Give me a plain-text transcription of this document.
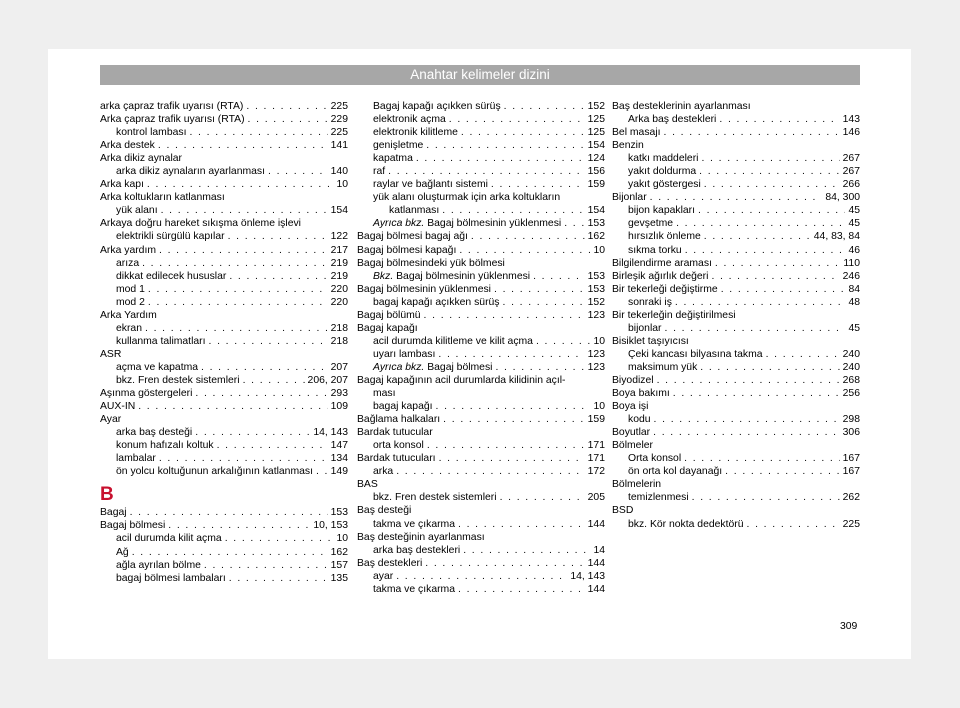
Anahtar kelimeler dizini
arka çapraz trafik uyarısı (RTA) . . .	225
Arka çapraz trafik uyarısı (RTA) . . .	229
kontrol lambası . . .	225
Arka destek . . .	141
Arka dikiz aynalar
arka dikiz aynaların ayarlanması . . .	140
Arka kapı . . .	10
Arka koltukların katlanması
yük alanı . . .	154
Arkaya doğru hareket sıkışma önleme işlevi
elektrikli sürgülü kapılar . . .	122
Arka yardım . . .	217
arıza . . .	219
dikkat edilecek hususlar . . .	219
mod 1 . . .	220
mod 2 . . .	220
Arka Yardım
ekran . . .	218
kullanma talimatları . . .	218
ASR
açma ve kapatma . . .	207
bkz. Fren destek sistemleri . . .	206, 207
Aşınma göstergeleri . . .	293
AUX-IN . . .	109
Ayar
arka baş desteği . . .	14, 143
konum hafızalı koltuk . . .	147
lambalar . . .	134
ön yolcu koltuğunun arkalığının katlanması . . . 149
B
Bagaj . . .	153
Bagaj bölmesi . . .	10, 153
acil durumda kilit açma . . .	10
Ağ . . .	162
ağla ayrılan bölme . . .	157
bagaj bölmesi lambaları . . .	135
Bagaj kapağı açıkken sürüş . . .	152
elektronik açma . . .	125
elektronik kilitleme . . .	125
genişletme . . .	154
kapatma . . .	124
raf . . .	156
raylar ve bağlantı sistemi . . .	159
yük alanı oluşturmak için arka koltukların
katlanması . . .	154
Ayrıca bkz. Bagaj bölmesinin yüklenmesi . . .	153
Bagaj bölmesi bagaj ağı . . .	162
Bagaj bölmesi kapağı . . .	10
Bagaj bölmesindeki yük bölmesi
Bkz. Bagaj bölmesinin yüklenmesi . . .	153
Bagaj bölmesinin yüklenmesi . . .	153
bagaj kapağı açıkken sürüş . . .	152
Bagaj bölümü . . .	123
Bagaj kapağı
acil durumda kilitleme ve kilit açma . . .	10
uyarı lambası . . .	123
Ayrıca bkz. Bagaj bölmesi . . .	123
Bagaj kapağının acil durumlarda kilidinin açıl-
ması
bagaj kapağı . . .	10
Bağlama halkaları . . .	159
Bardak tutucular
orta konsol . . .	171
Bardak tutucuları . . .	171
arka . . .	172
BAS
bkz. Fren destek sistemleri . . .	205
Baş desteği
takma ve çıkarma . . .	144
Baş desteğinin ayarlanması
arka baş destekleri . . .	14
Baş destekleri . . .	144
ayar . . .	14, 143
takma ve çıkarma . . .	144
Baş desteklerinin ayarlanması
Arka baş destekleri . . .	143
Bel masajı . . .	146
Benzin
katkı maddeleri . . .	267
yakıt doldurma . . .	267
yakıt göstergesi . . .	266
Bijonlar . . .	84, 300
bijon kapakları . . .	45
gevşetme . . .	45
hırsızlık önleme . . .	44, 83, 84
sıkma torku . . .	46
Bilgilendirme araması . . .	110
Birleşik ağırlık değeri . . .	246
Bir tekerleği değiştirme . . .	84
sonraki iş . . .	48
Bir tekerleğin değiştirilmesi
bijonlar . . .	45
Bisiklet taşıyıcısı
Çeki kancası bilyasına takma . . .	240
maksimum yük . . .	240
Biyodizel . . .	268
Boya bakımı . . .	256
Boya işi
kodu . . .	298
Boyutlar . . .	306
Bölmeler
Orta konsol . . .	167
ön orta kol dayanağı . . .	167
Bölmelerin
temizlenmesi . . .	262
BSD
bkz. Kör nokta dedektörü . . .	225
309
